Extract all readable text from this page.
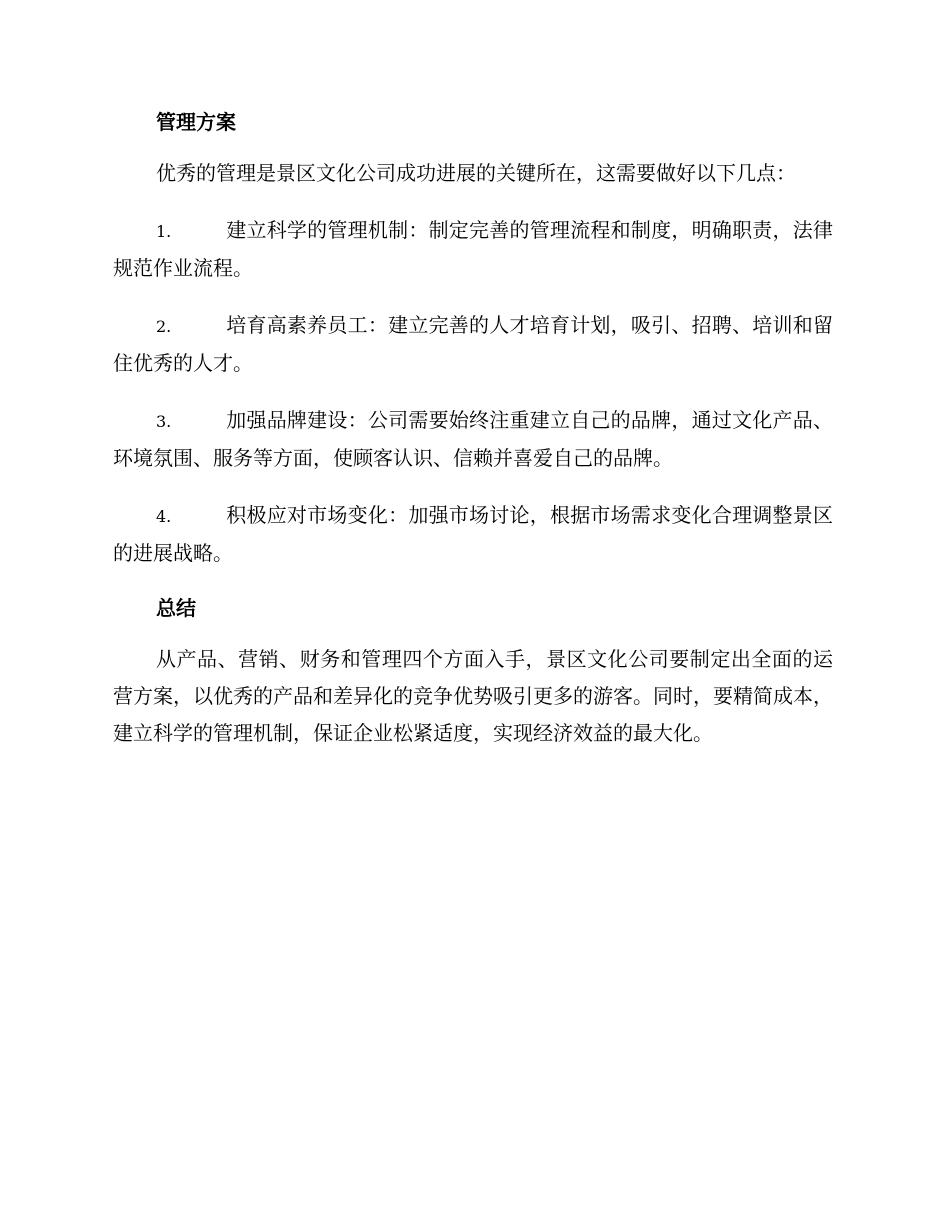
管理方案

优秀的管理是景区文化公司成功进展的关键所在，这需要做好以下几点：

1.	建立科学的管理机制：制定完善的管理流程和制度，明确职责，法律规范作业流程。

2.	培育高素养员工：建立完善的人才培育计划，吸引、招聘、培训和留住优秀的人才。

3.	加强品牌建设：公司需要始终注重建立自己的品牌，通过文化产品、环境氛围、服务等方面，使顾客认识、信赖并喜爱自己的品牌。

4.	积极应对市场变化：加强市场讨论，根据市场需求变化合理调整景区的进展战略。

总结

从产品、营销、财务和管理四个方面入手，景区文化公司要制定出全面的运营方案，以优秀的产品和差异化的竞争优势吸引更多的游客。同时，要精简成本，建立科学的管理机制，保证企业松紧适度，实现经济效益的最大化。
